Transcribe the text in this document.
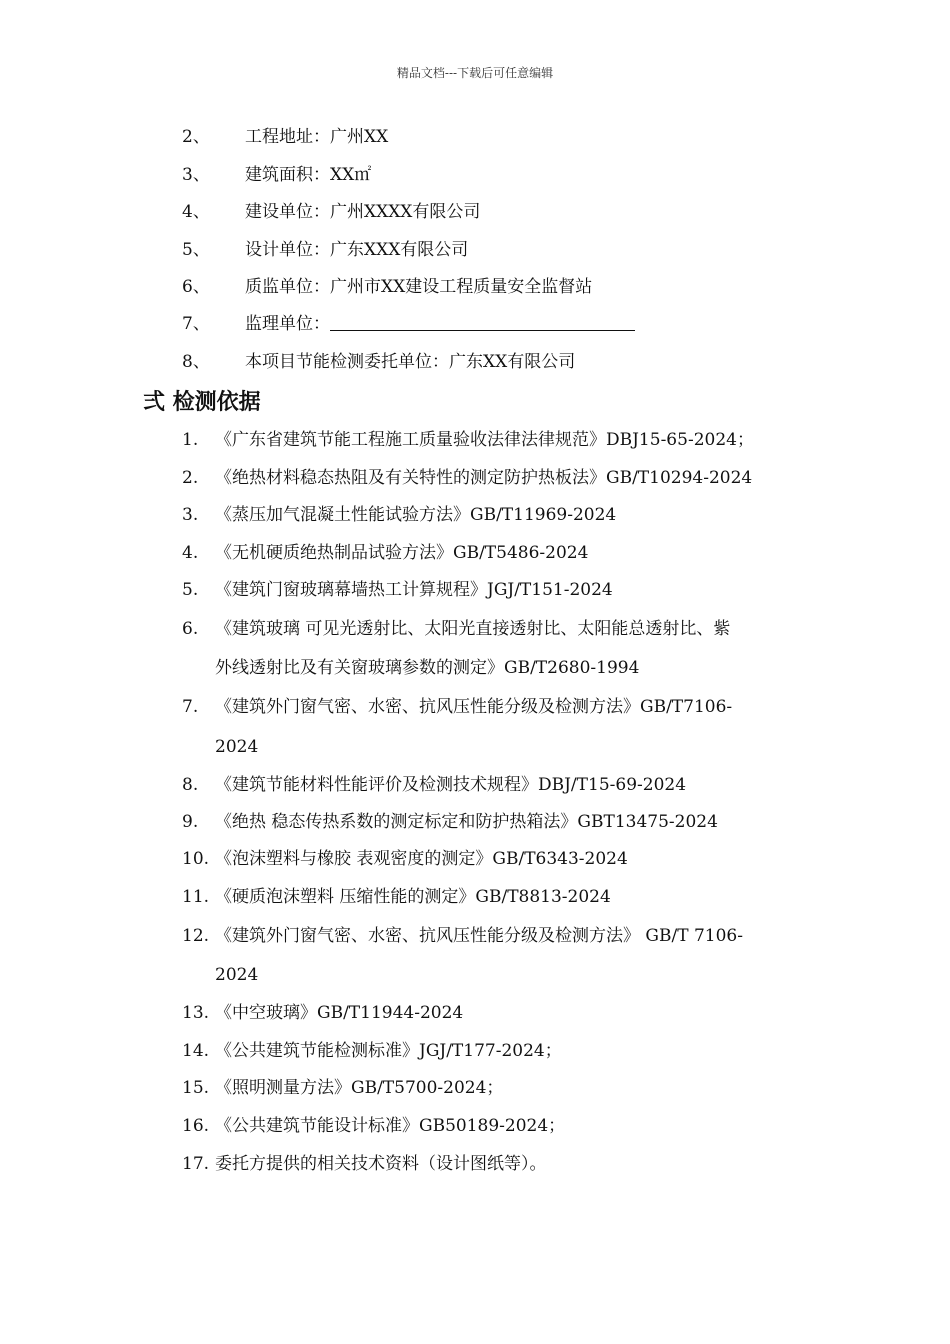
精品文档---下载后可任意编辑
2、 工程地址：广州XX
3、 建筑面积：XX㎡
4、 建设单位：广州XXXX有限公司
5、 设计单位：广东XXX有限公司
6、 质监单位：广州市XX建设工程质量安全监督站
7、 监理单位：
8、 本项目节能检测委托单位：广东XX有限公司
弍 检测依据
1. 《广东省建筑节能工程施工质量验收法律法律规范》DBJ15-65-2024；
2. 《绝热材料稳态热阻及有关特性的测定防护热板法》GB/T10294-2024
3. 《蒸压加气混凝土性能试验方法》GB/T11969-2024
4. 《无机硬质绝热制品试验方法》GB/T5486-2024
5. 《建筑门窗玻璃幕墙热工计算规程》JGJ/T151-2024
6. 《建筑玻璃 可见光透射比、太阳光直接透射比、太阳能总透射比、紫
外线透射比及有关窗玻璃参数的测定》GB/T2680-1994
7. 《建筑外门窗气密、水密、抗风压性能分级及检测方法》GB/T7106-
2024
8. 《建筑节能材料性能评价及检测技术规程》DBJ/T15-69-2024
9. 《绝热 稳态传热系数的测定标定和防护热箱法》GBT13475-2024
10. 《泡沫塑料与橡胶 表观密度的测定》GB/T6343-2024
11. 《硬质泡沫塑料 压缩性能的测定》GB/T8813-2024
12. 《建筑外门窗气密、水密、抗风压性能分级及检测方法》 GB/T 7106-
2024
13. 《中空玻璃》GB/T11944-2024
14. 《公共建筑节能检测标准》JGJ/T177-2024；
15. 《照明测量方法》GB/T5700-2024；
16. 《公共建筑节能设计标准》GB50189-2024；
17. 委托方提供的相关技术资料（设计图纸等）。
